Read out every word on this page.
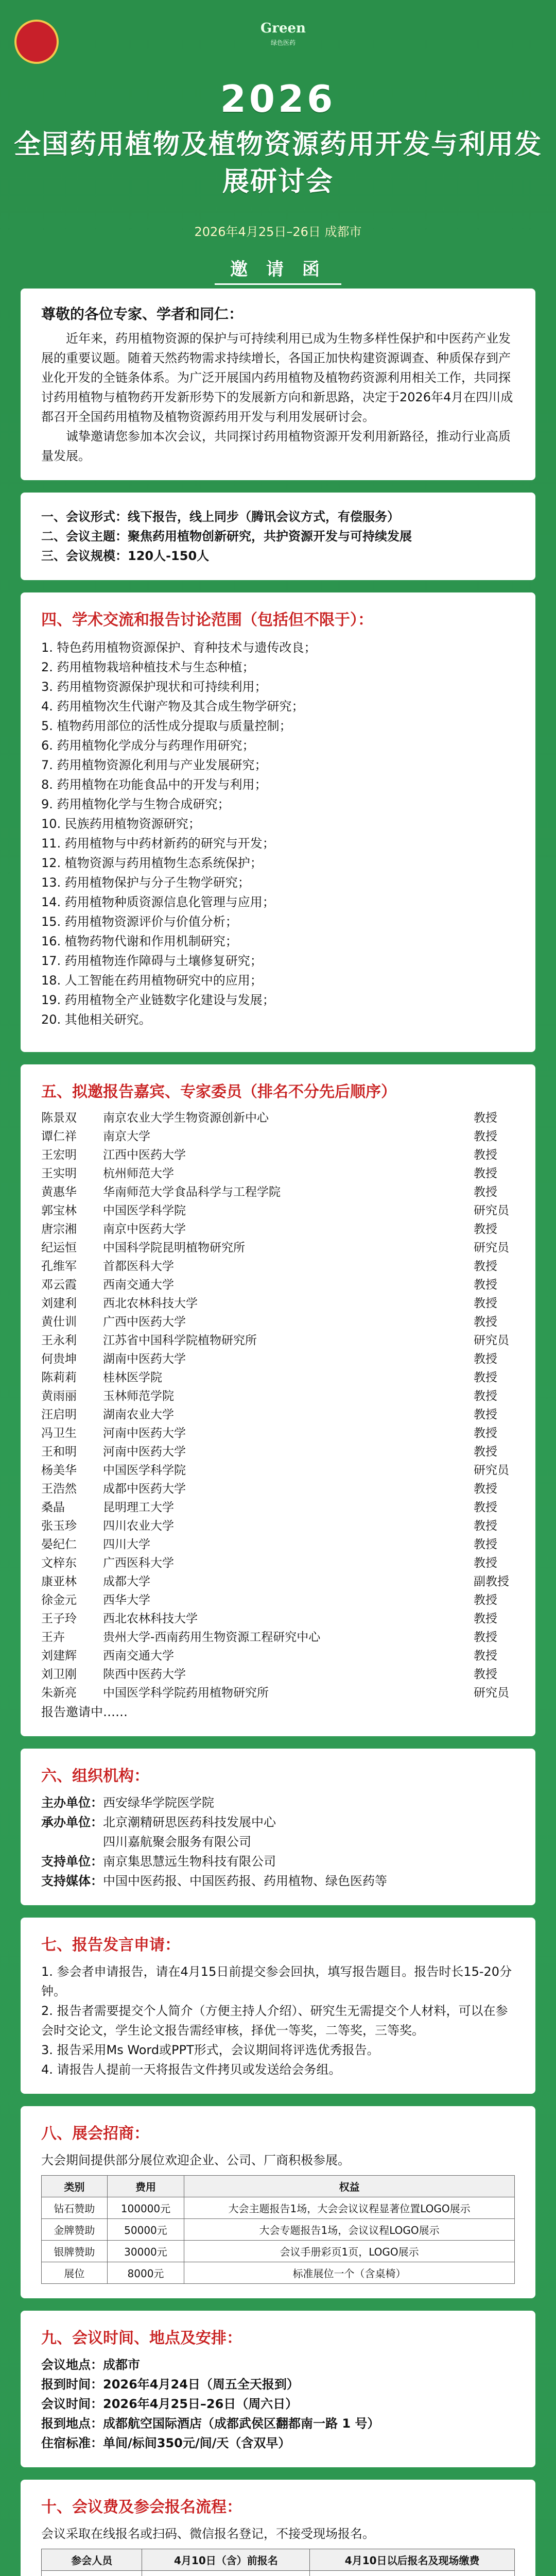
Green
绿色医药
2026
全国药用植物及植物资源药用开发与利用发展研讨会
2026年4月25日–26日 成都市
邀 请 函
尊敬的各位专家、学者和同仁：

近年来，药用植物资源的保护与可持续利用已成为生物多样性保护和中医药产业发展的重要议题。随着天然药物需求持续增长，各国正加快构建资源调查、种质保存到产业化开发的全链条体系。为广泛开展国内药用植物及植物药资源利用相关工作，共同探讨药用植物与植物药开发新形势下的发展新方向和新思路，决定于2026年4月在四川成都召开全国药用植物及植物资源药用开发与利用发展研讨会。

诚挚邀请您参加本次会议，共同探讨药用植物资源开发利用新路径，推动行业高质量发展。

一、会议形式：线下报告，线上同步（腾讯会议方式，有偿服务）

二、会议主题：聚焦药用植物创新研究，共护资源开发与可持续发展

三、会议规模：120人-150人

四、学术交流和报告讨论范围（包括但不限于）：
1. 特色药用植物资源保护、育种技术与遗传改良；
2. 药用植物栽培种植技术与生态种植；
3. 药用植物资源保护现状和可持续利用；
4. 药用植物次生代谢产物及其合成生物学研究；
5. 植物药用部位的活性成分提取与质量控制；
6. 药用植物化学成分与药理作用研究；
7. 药用植物资源化利用与产业发展研究；
8. 药用植物在功能食品中的开发与利用；
9. 药用植物化学与生物合成研究；
10. 民族药用植物资源研究；
11. 药用植物与中药材新药的研究与开发；
12. 植物资源与药用植物生态系统保护；
13. 药用植物保护与分子生物学研究；
14. 药用植物种质资源信息化管理与应用；
15. 药用植物资源评价与价值分析；
16. 植物药物代谢和作用机制研究；
17. 药用植物连作障碍与土壤修复研究；
18. 人工智能在药用植物研究中的应用；
19. 药用植物全产业链数字化建设与发展；
20. 其他相关研究。
五、拟邀报告嘉宾、专家委员（排名不分先后顺序）
陈景双	南京农业大学生物资源创新中心	教授
谭仁祥	南京大学	教授
王宏明	江西中医药大学	教授
王实明	杭州师范大学	教授
黄惠华	华南师范大学食品科学与工程学院	教授
郭宝林	中国医学科学院	研究员
唐宗湘	南京中医药大学	教授
纪运恒	中国科学院昆明植物研究所	研究员
孔维军	首都医科大学	教授
邓云霞	西南交通大学	教授
刘建利	西北农林科技大学	教授
黄仕训	广西中医药大学	教授
王永利	江苏省中国科学院植物研究所	研究员
何贵坤	湖南中医药大学	教授
陈莉莉	桂林医学院	教授
黄雨丽	玉林师范学院	教授
汪启明	湖南农业大学	教授
冯卫生	河南中医药大学	教授
王和明	河南中医药大学	教授
杨美华	中国医学科学院	研究员
王浩然	成都中医药大学	教授
桑晶	昆明理工大学	教授
张玉珍	四川农业大学	教授
晏纪仁	四川大学	教授
文梓东	广西医科大学	教授
康亚林	成都大学	副教授
徐金元	西华大学	教授
王子玲	西北农林科技大学	教授
王卉	贵州大学-西南药用生物资源工程研究中心	教授
刘建辉	西南交通大学	教授
刘卫刚	陕西中医药大学	教授
朱新亮	中国医学科学院药用植物研究所	研究员

报告邀请中……

六、组织机构：

主办单位：西安绿华学院医学院

承办单位：北京潮精研思医药科技发展中心

四川嘉航聚会服务有限公司

支持单位：南京集思慧远生物科技有限公司

支持媒体：中国中医药报、中国医药报、药用植物、绿色医药等

七、报告发言申请：

1. 参会者申请报告，请在4月15日前提交参会回执，填写报告题目。报告时长15-20分钟。

2. 报告者需要提交个人简介（方便主持人介绍）、研究生无需提交个人材料，可以在参会时交论文，学生论文报告需经审核，择优一等奖，二等奖，三等奖。

3. 报告采用Ms Word或PPT形式，会议期间将评选优秀报告。

4. 请报告人提前一天将报告文件拷贝或发送给会务组。

八、展会招商：

大会期间提供部分展位欢迎企业、公司、厂商积极参展。

类别	费用	权益
钻石赞助	100000元	大会主题报告1场，大会会议议程显著位置LOGO展示
金牌赞助	50000元	大会专题报告1场，会议议程LOGO展示
银牌赞助	30000元	会议手册彩页1页，LOGO展示
展位	8000元	标准展位一个（含桌椅）
九、会议时间、地点及安排：

会议地点：成都市

报到时间：2026年4月24日（周五全天报到）

会议时间：2026年4月25日–26日（周六日）

报到地点：成都航空国际酒店（成都武侯区翻都南一路 1 号）

住宿标准：单间/标间350元/间/天（含双早）

十、会议费及参会报名流程：

会议采取在线报名或扫码、微信报名登记，不接受现场报名。

参会人员	4月10日（含）前报名	4月10日以后报名及现场缴费
